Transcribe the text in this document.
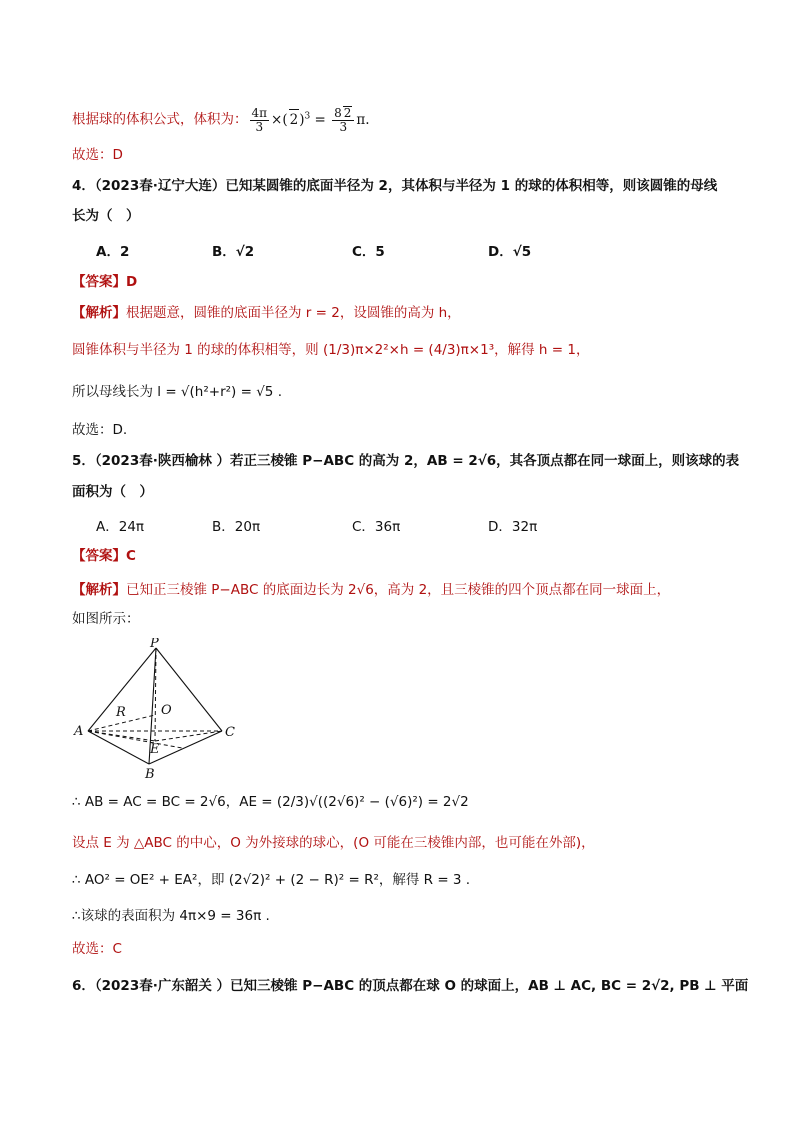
根据球的体积公式，体积为： $\frac{4\pi}{3}$ ×( $2)^3 = \frac{8 2}{3} \pi$.
故选：D
4．（2023春·辽宁大连）已知某圆锥的底面半径为 2，其体积与半径为 1 的球的体积相等，则该圆锥的母线
长为（　）
A．2	B．√2	C．5	D．√5
【答案】D
【解析】根据题意，圆锥的底面半径为 r = 2，设圆锥的高为 h，
圆锥体积与半径为 1 的球的体积相等，则 (1/3)π×2²×h = (4/3)π×1³，解得 h = 1，
所以母线长为 l = √(h²+r²) = √5 .
故选：D.
5．（2023春·陕西榆林 ）若正三棱锥 P−ABC 的高为 2，AB = 2√6，其各顶点都在同一球面上，则该球的表
面积为（　）
A．24π	B．20π	C．36π	D．32π
【答案】C
【解析】已知正三棱锥 P−ABC 的底面边长为 2√6，高为 2，且三棱锥的四个顶点都在同一球面上，
如图所示：
P
O
R
A	C
E
B
∴ AB = AC = BC = 2√6，AE = (2/3)√((2√6)² − (√6)²) = 2√2
设点 E 为 △ABC 的中心，O 为外接球的球心，(O 可能在三棱锥内部，也可能在外部)，
∴ AO² = OE² + EA²，即 (2√2)² + (2 − R)² = R²，解得 R = 3 .
∴该球的表面积为 4π×9 = 36π .
故选：C
6．（2023春·广东韶关 ）已知三棱锥 P−ABC 的顶点都在球 O 的球面上，AB ⊥ AC, BC = 2√2, PB ⊥ 平面
